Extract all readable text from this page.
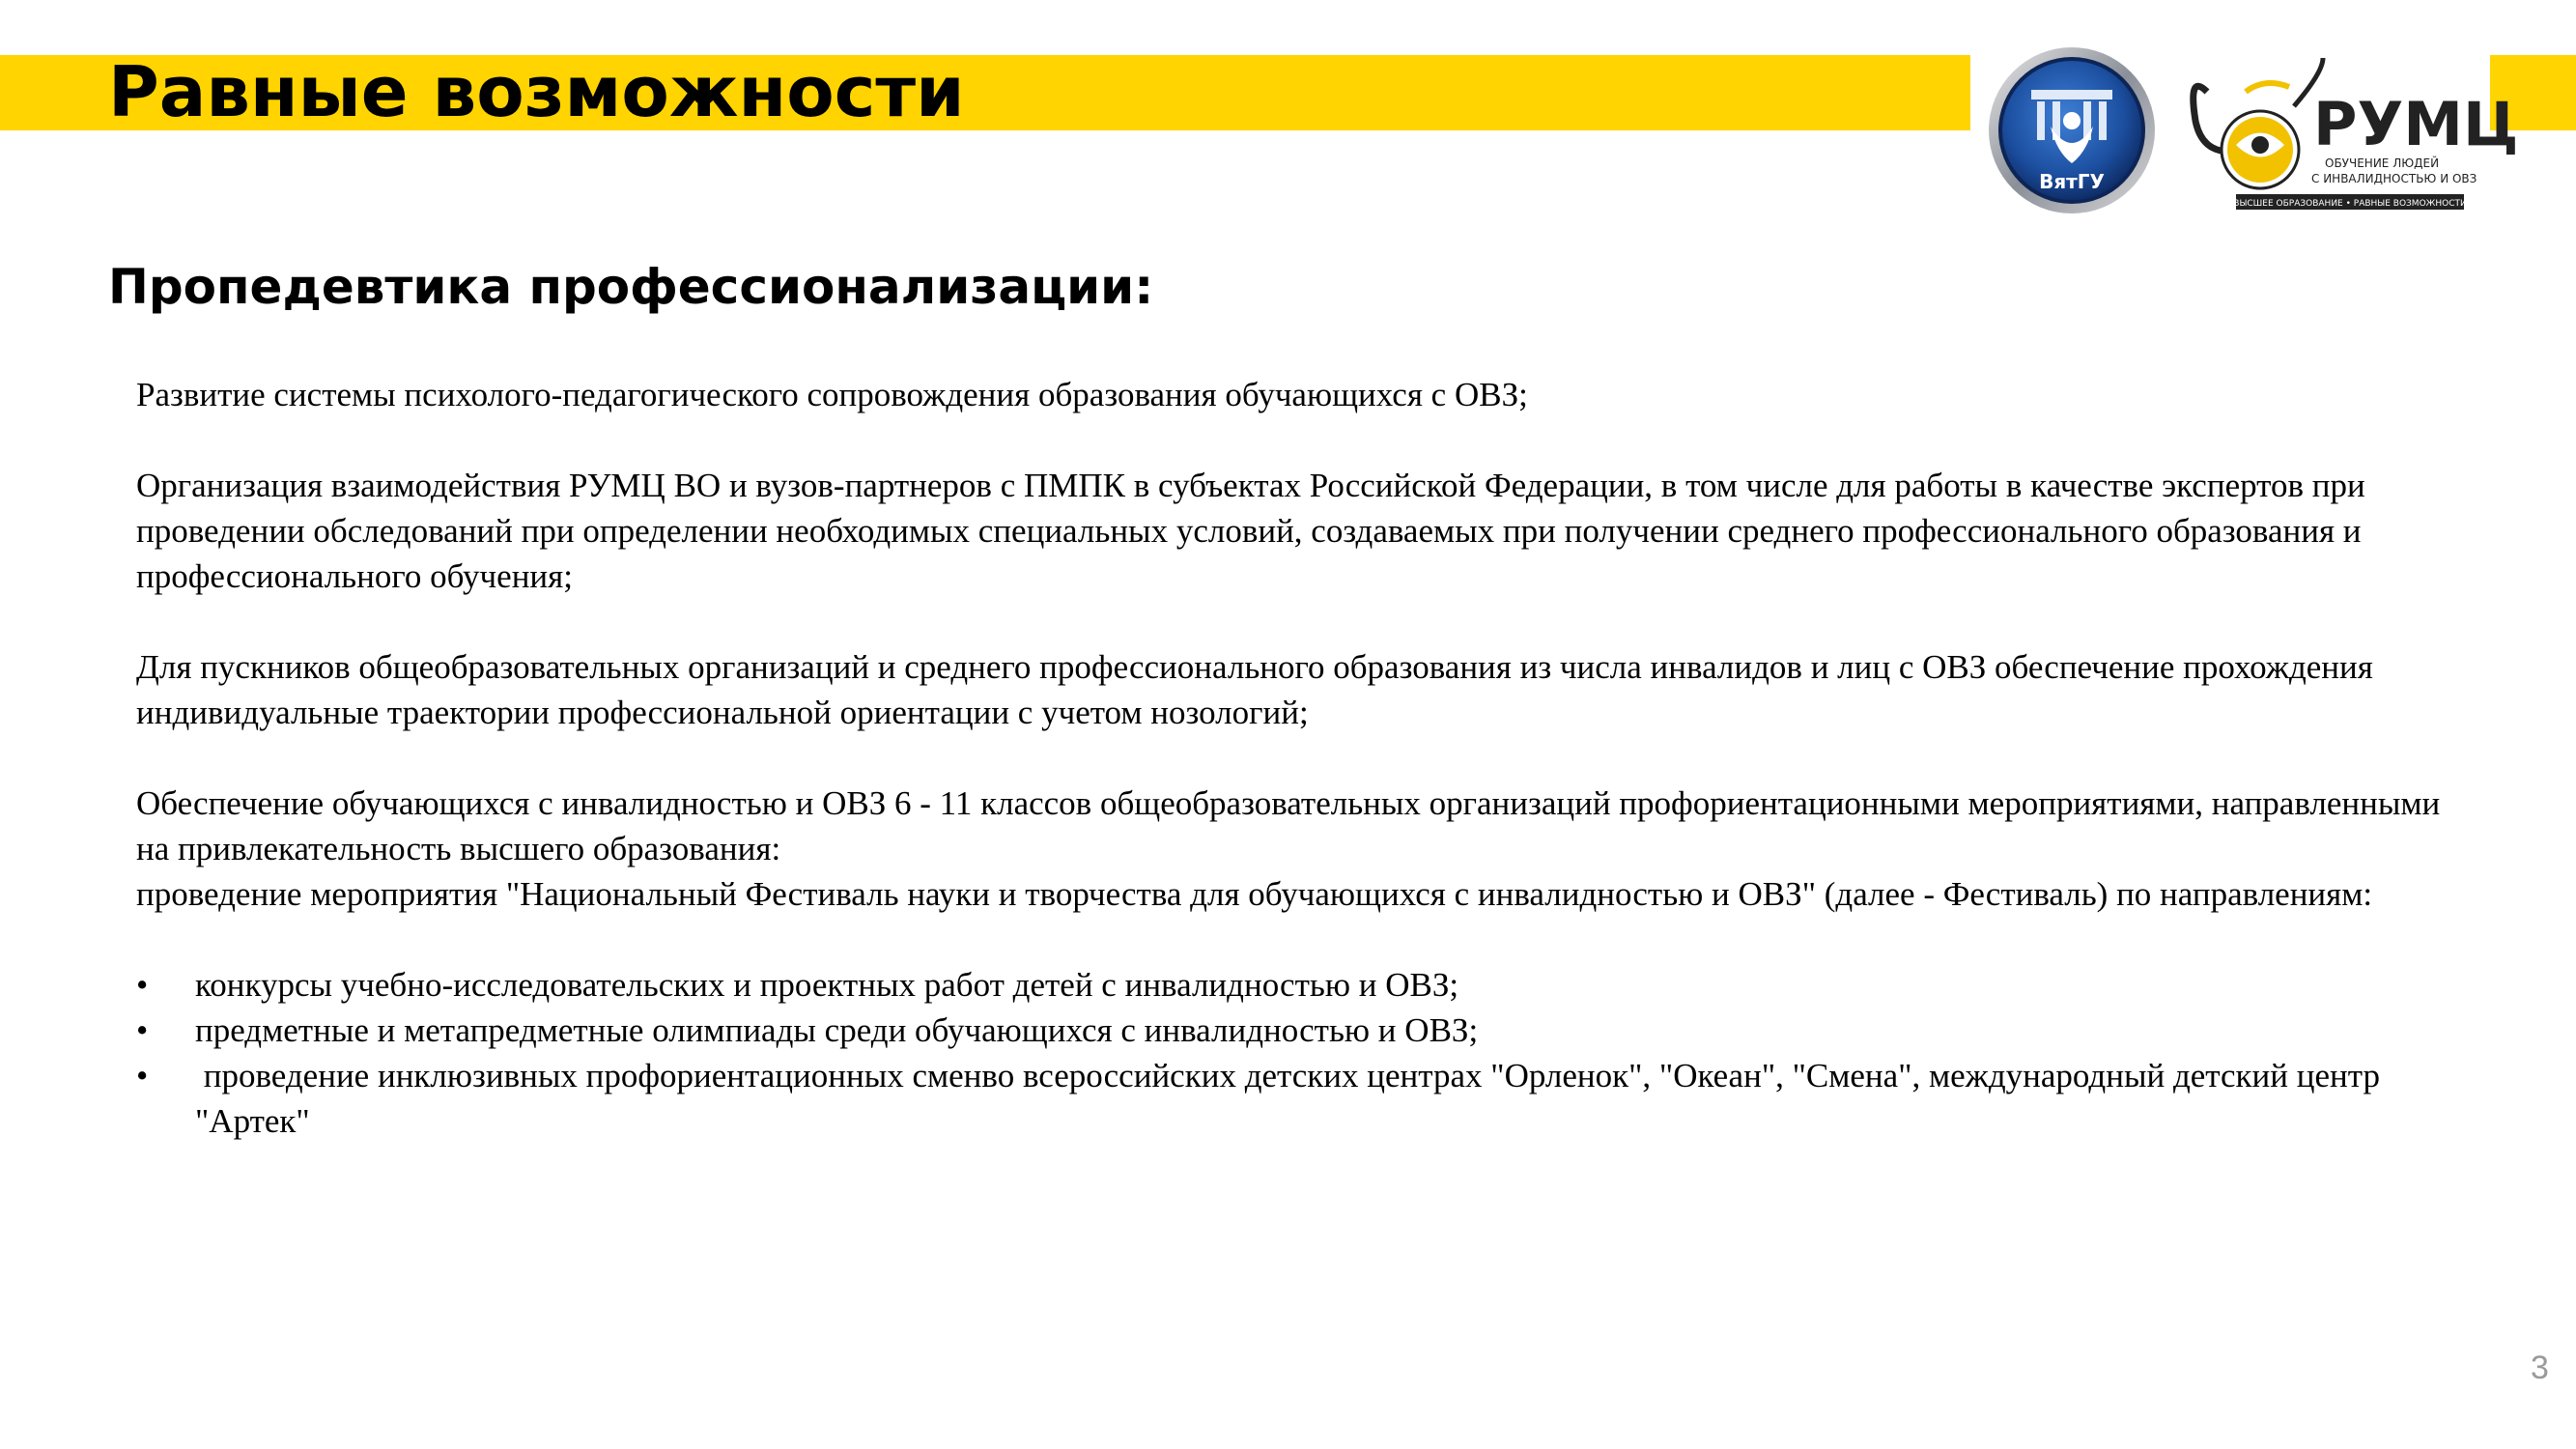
Равные возможности
ВятГУ
РУМЦ
ОБУЧЕНИЕ ЛЮДЕЙ
С ИНВАЛИДНОСТЬЮ И ОВЗ
ВЫСШЕЕ ОБРАЗОВАНИЕ • РАВНЫЕ ВОЗМОЖНОСТИ
Пропедевтика профессионализации:

Развитие системы психолого-педагогического сопровождения образования обучающихся с ОВЗ;

Организация взаимодействия РУМЦ ВО и вузов-партнеров с ПМПК в субъектах Российской Федерации, в том числе для работы в качестве экспертов при проведении обследований при определении необходимых специальных условий, создаваемых при получении среднего профессионального образования и профессионального обучения;

Для пускников общеобразовательных организаций и среднего профессионального образования из числа инвалидов и лиц с ОВЗ обеспечение прохождения индивидуальные траектории профессиональной ориентации с учетом нозологий;

Обеспечение обучающихся с инвалидностью и ОВЗ 6 - 11 классов общеобразовательных организаций профориентационными мероприятиями, направленными на привлекательность высшего образования:

проведение мероприятия "Национальный Фестиваль науки и творчества для обучающихся с инвалидностью и ОВЗ" (далее - Фестиваль) по направлениям:

• конкурсы учебно-исследовательских и проектных работ детей с инвалидностью и ОВЗ;
• предметные и метапредметные олимпиады среди обучающихся с инвалидностью и ОВЗ;
• проведение инклюзивных профориентационных сменво всероссийских детских центрах "Орленок", "Океан", "Смена", международный детский центр "Артек"
3
